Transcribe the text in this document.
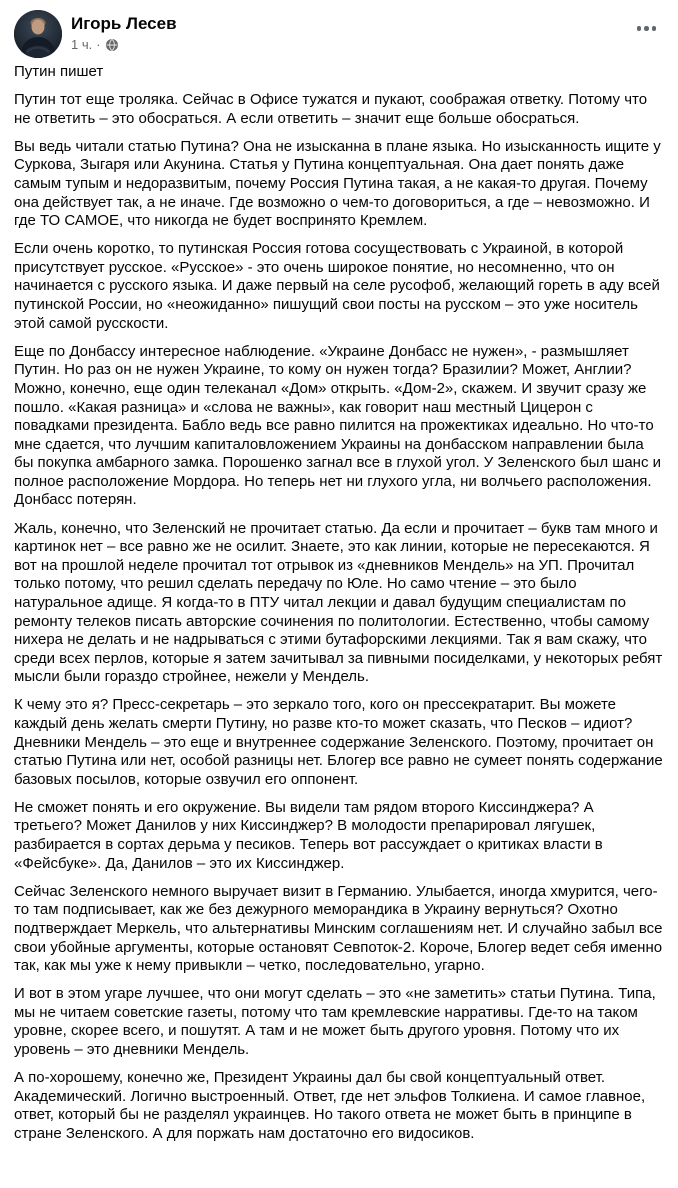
Игорь Лесев
1 ч. ·

Путин пишет

Путин тот еще троляка. Сейчас в Офисе тужатся и пукают, соображая ответку. Потому что не ответить – это обосраться. А если ответить – значит еще больше обосраться.

Вы ведь читали статью Путина? Она не изысканна в плане языка. Но изысканность ищите у Суркова, Зыгаря или Акунина. Статья у Путина концептуальная. Она дает понять даже самым тупым и недоразвитым, почему Россия Путина такая, а не какая-то другая. Почему она действует так, а не иначе. Где возможно о чем-то договориться, а где – невозможно. И где ТО САМОЕ, что никогда не будет воспринято Кремлем.

Если очень коротко, то путинская Россия готова сосуществовать с Украиной, в которой присутствует русское. «Русское» - это очень широкое понятие, но несомненно, что он начинается с русского языка. И даже первый на селе русофоб, желающий гореть в аду всей путинской России, но «неожиданно» пишущий свои посты на русском – это уже носитель этой самой русскости.

Еще по Донбассу интересное наблюдение. «Украине Донбасс не нужен», - размышляет Путин. Но раз он не нужен Украине, то кому он нужен тогда? Бразилии? Может, Англии? Можно, конечно, еще один телеканал «Дом» открыть. «Дом-2», скажем. И звучит сразу же пошло. «Какая разница» и «слова не важны», как говорит наш местный Цицерон с повадками президента. Бабло ведь все равно пилится на прожектиках идеально. Но что-то мне сдается, что лучшим капиталовложением Украины на донбасском направлении была бы покупка амбарного замка. Порошенко загнал все в глухой угол. У Зеленского был шанс и полное расположение Мордора. Но теперь нет ни глухого угла, ни волчьего расположения. Донбасс потерян.

Жаль, конечно, что Зеленский не прочитает статью. Да если и прочитает – букв там много и картинок нет – все равно же не осилит. Знаете, это как линии, которые не пересекаются. Я вот на прошлой неделе прочитал тот отрывок из «дневников Мендель» на УП. Прочитал только потому, что решил сделать передачу по Юле. Но само чтение – это было натуральное адище. Я когда-то в ПТУ читал лекции и давал будущим специалистам по ремонту телеков писать авторские сочинения по политологии. Естественно, чтобы самому нихера не делать и не надрываться с этими бутафорскими лекциями. Так я вам скажу, что среди всех перлов, которые я затем зачитывал за пивными посиделками, у некоторых ребят мысли были гораздо стройнее, нежели у Мендель.

К чему это я? Пресс-секретарь – это зеркало того, кого он прессекратарит. Вы можете каждый день желать смерти Путину, но разве кто-то может сказать, что Песков – идиот? Дневники Мендель – это еще и внутреннее содержание Зеленского. Поэтому, прочитает он статью Путина или нет, особой разницы нет. Блогер все равно не сумеет понять содержание базовых посылов, которые озвучил его оппонент.

Не сможет понять и его окружение. Вы видели там рядом второго Киссинджера? А третьего? Может Данилов у них Киссинджер? В молодости препарировал лягушек, разбирается в сортах дерьма у песиков. Теперь вот рассуждает о критиках власти в «Фейсбуке». Да, Данилов – это их Киссинджер.

Сейчас Зеленского немного выручает визит в Германию. Улыбается, иногда хмурится, чего-то там подписывает, как же без дежурного меморандика в Украину вернуться? Охотно подтверждает Меркель, что альтернативы Минским соглашениям нет. И случайно забыл все свои убойные аргументы, которые остановят Севпоток-2. Короче, Блогер ведет себя именно так, как мы уже к нему привыкли – четко, последовательно, угарно.

И вот в этом угаре лучшее, что они могут сделать – это «не заметить» статьи Путина. Типа, мы не читаем советские газеты, потому что там кремлевские нарративы. Где-то на таком уровне, скорее всего, и пошутят. А там и не может быть другого уровня. Потому что их уровень – это дневники Мендель.

А по-хорошему, конечно же, Президент Украины дал бы свой концептуальный ответ. Академический. Логично выстроенный. Ответ, где нет эльфов Толкиена. И самое главное, ответ, который бы не разделял украинцев. Но такого ответа не может быть в принципе в стране Зеленского. А для поржать нам достаточно его видосиков.
